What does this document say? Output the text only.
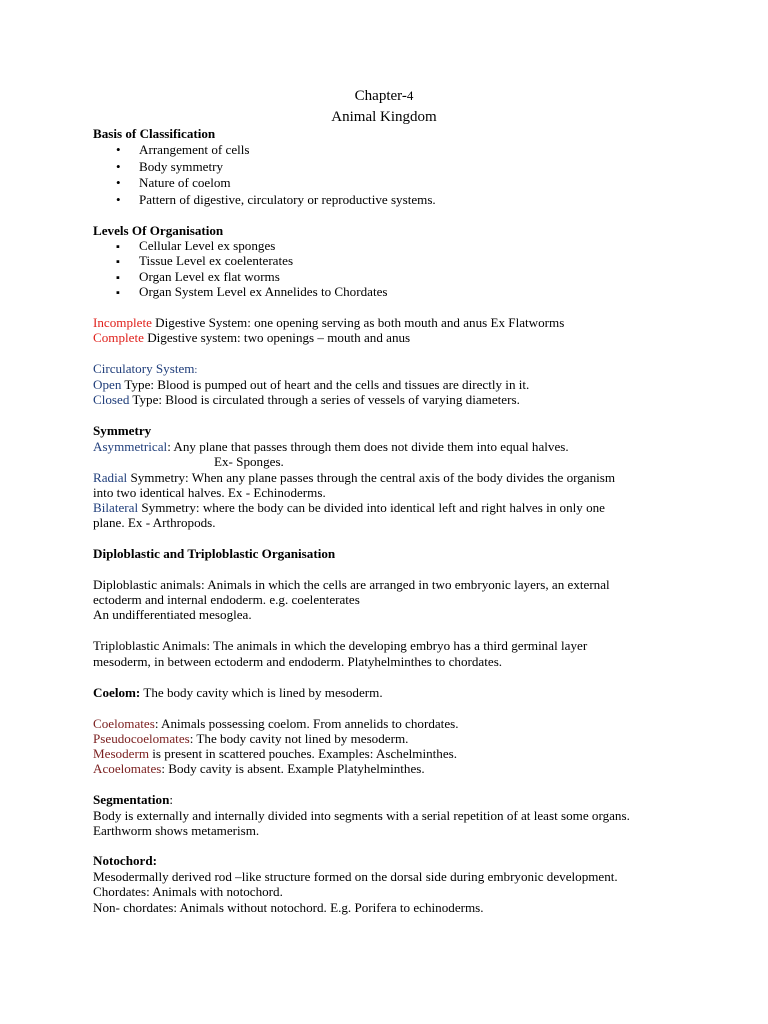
Chapter-4
Animal Kingdom
Basis of Classification
•
Arrangement of cells
•
Body symmetry
•
Nature of coelom
•
Pattern of digestive, circulatory or reproductive systems.
Levels Of Organisation
▪
Cellular Level ex sponges
▪
Tissue Level ex coelenterates
▪
Organ Level ex flat worms
▪
Organ System Level ex Annelides to Chordates
Incomplete Digestive System: one opening serving as both mouth and anus Ex Flatworms
Complete Digestive system: two openings – mouth and anus
Circulatory System:
Open Type: Blood is pumped out of heart and the cells and tissues are directly in it.
Closed Type: Blood is circulated through a series of vessels of varying diameters.
Symmetry
Asymmetrical: Any plane that passes through them does not divide them into equal halves.
Ex- Sponges.
Radial Symmetry: When any plane passes through the central axis of the body divides the organism
into two identical halves. Ex - Echinoderms.
Bilateral Symmetry: where the body can be divided into identical left and right halves in only one
plane. Ex - Arthropods.
Diploblastic and Triploblastic Organisation
Diploblastic animals: Animals in which the cells are arranged in two embryonic layers, an external
ectoderm and internal endoderm. e.g. coelenterates
An undifferentiated mesoglea.
Triploblastic Animals: The animals in which the developing embryo has a third germinal layer
mesoderm, in between ectoderm and endoderm. Platyhelminthes to chordates.
Coelom: The body cavity which is lined by mesoderm.
Coelomates: Animals possessing coelom. From annelids to chordates.
Pseudocoelomates: The body cavity not lined by mesoderm.
Mesoderm is present in scattered pouches. Examples: Aschelminthes.
Acoelomates: Body cavity is absent. Example Platyhelminthes.
Segmentation:
Body is externally and internally divided into segments with a serial repetition of at least some organs.
Earthworm shows metamerism.
Notochord:
Mesodermally derived rod –like structure formed on the dorsal side during embryonic development.
Chordates: Animals with notochord.
Non- chordates: Animals without notochord. E.g. Porifera to echinoderms.
